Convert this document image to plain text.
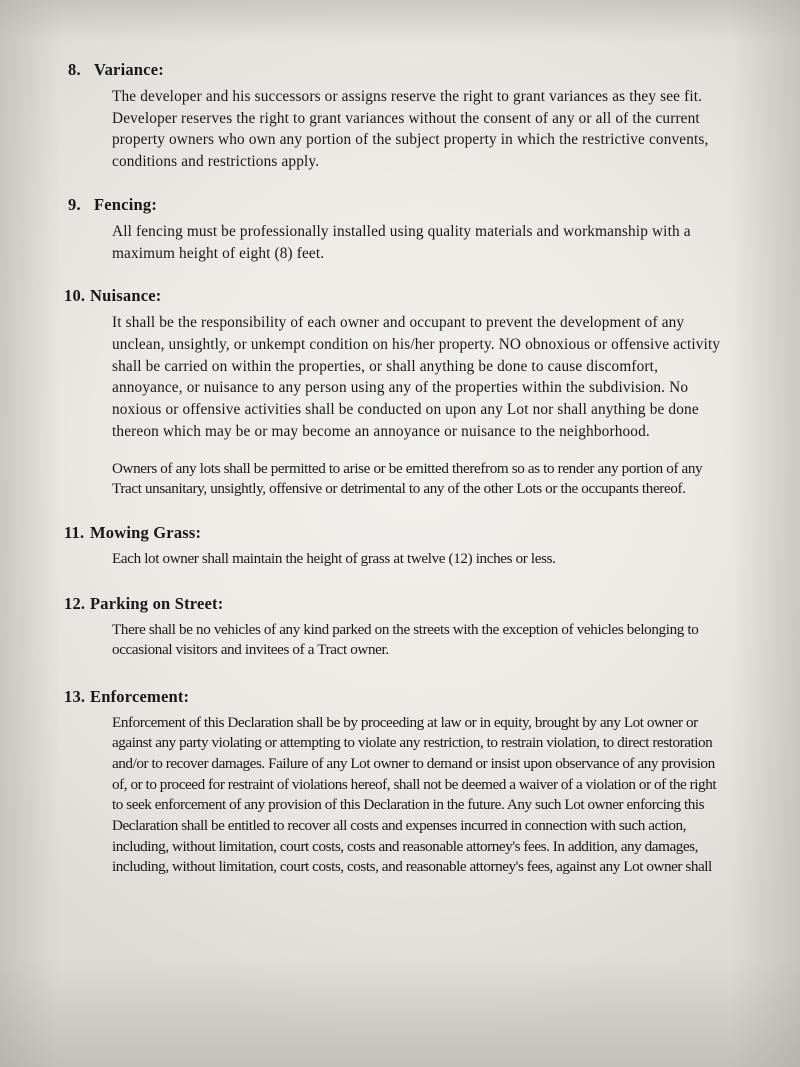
8. Variance:

The developer and his successors or assigns reserve the right to grant variances as they see fit. Developer reserves the right to grant variances without the consent of any or all of the current property owners who own any portion of the subject property in which the restrictive convents, conditions and restrictions apply.

9. Fencing:

All fencing must be professionally installed using quality materials and workmanship with a maximum height of eight (8) feet.

10. Nuisance:

It shall be the responsibility of each owner and occupant to prevent the development of any unclean, unsightly, or unkempt condition on his/her property. NO obnoxious or offensive activity shall be carried on within the properties, or shall anything be done to cause discomfort, annoyance, or nuisance to any person using any of the properties within the subdivision. No noxious or offensive activities shall be conducted on upon any Lot nor shall anything be done thereon which may be or may become an annoyance or nuisance to the neighborhood.

Owners of any lots shall be permitted to arise or be emitted therefrom so as to render any portion of any Tract unsanitary, unsightly, offensive or detrimental to any of the other Lots or the occupants thereof.

11. Mowing Grass:

Each lot owner shall maintain the height of grass at twelve (12) inches or less.

12. Parking on Street:

There shall be no vehicles of any kind parked on the streets with the exception of vehicles belonging to occasional visitors and invitees of a Tract owner.

13. Enforcement:

Enforcement of this Declaration shall be by proceeding at law or in equity, brought by any Lot owner or against any party violating or attempting to violate any restriction, to restrain violation, to direct restoration and/or to recover damages. Failure of any Lot owner to demand or insist upon observance of any provision of, or to proceed for restraint of violations hereof, shall not be deemed a waiver of a violation or of the right to seek enforcement of any provision of this Declaration in the future. Any such Lot owner enforcing this Declaration shall be entitled to recover all costs and expenses incurred in connection with such action, including, without limitation, court costs, costs and reasonable attorney's fees. In addition, any damages, including, without limitation, court costs, costs, and reasonable attorney's fees, against any Lot owner shall
